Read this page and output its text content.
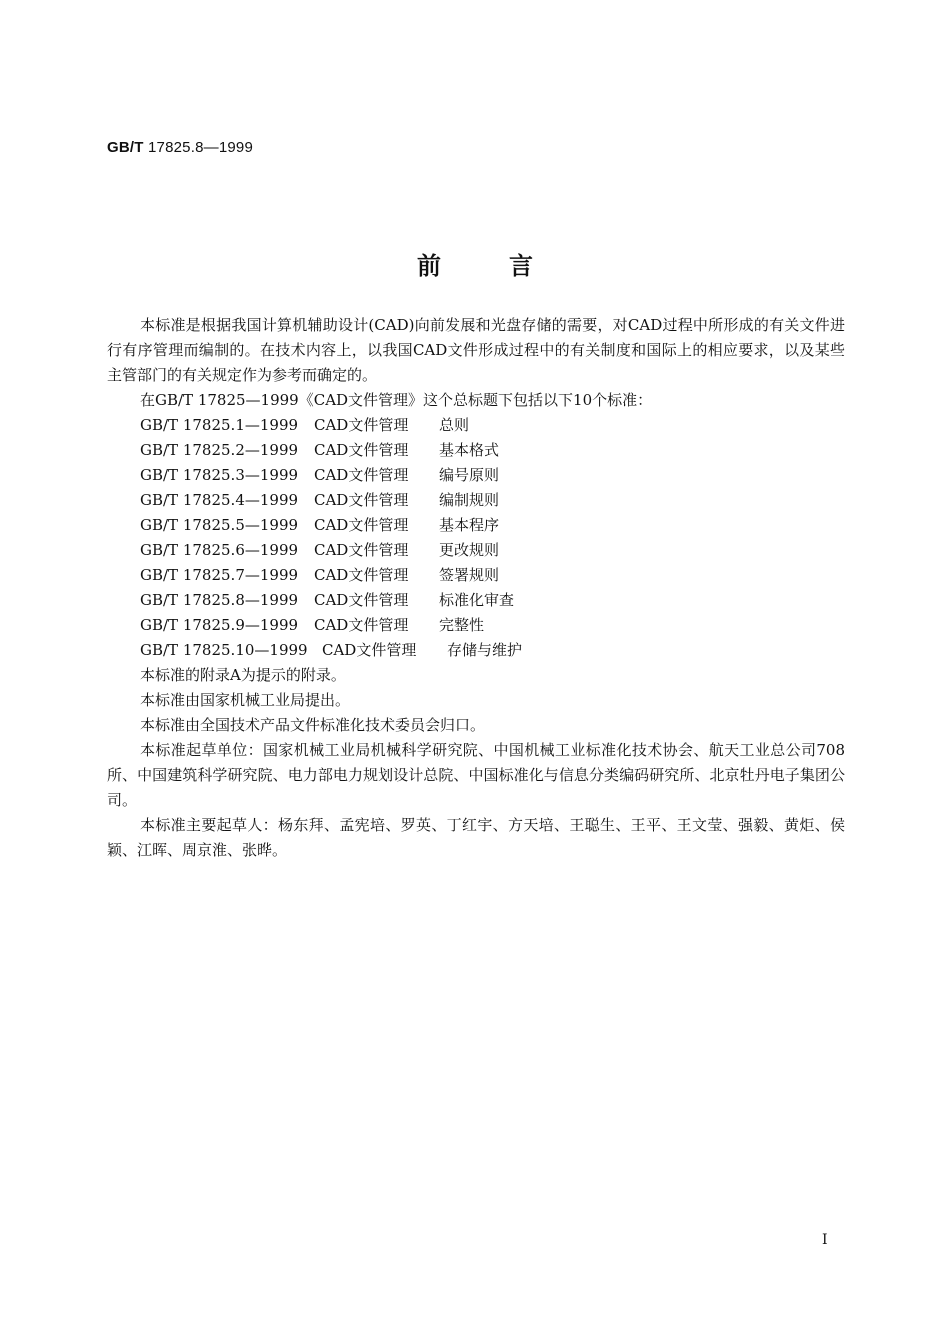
GB/T 17825.8—1999
前言

本标准是根据我国计算机辅助设计(CAD)向前发展和光盘存储的需要，对CAD过程中所形成的有关文件进行有序管理而编制的。在技术内容上，以我国CAD文件形成过程中的有关制度和国际上的相应要求，以及某些主管部门的有关规定作为参考而确定的。

在GB/T 17825—1999《CAD文件管理》这个总标题下包括以下10个标准：

GB/T 17825.1—1999 CAD文件管理 总则
GB/T 17825.2—1999 CAD文件管理 基本格式
GB/T 17825.3—1999 CAD文件管理 编号原则
GB/T 17825.4—1999 CAD文件管理 编制规则
GB/T 17825.5—1999 CAD文件管理 基本程序
GB/T 17825.6—1999 CAD文件管理 更改规则
GB/T 17825.7—1999 CAD文件管理 签署规则
GB/T 17825.8—1999 CAD文件管理 标准化审查
GB/T 17825.9—1999 CAD文件管理 完整性
GB/T 17825.10—1999 CAD文件管理 存储与维护

本标准的附录A为提示的附录。

本标准由国家机械工业局提出。

本标准由全国技术产品文件标准化技术委员会归口。

本标准起草单位：国家机械工业局机械科学研究院、中国机械工业标准化技术协会、航天工业总公司708所、中国建筑科学研究院、电力部电力规划设计总院、中国标准化与信息分类编码研究所、北京牡丹电子集团公司。

本标准主要起草人：杨东拜、孟宪培、罗英、丁红宇、方天培、王聪生、王平、王文莹、强毅、黄炬、侯颖、江晖、周京淮、张晔。

I
